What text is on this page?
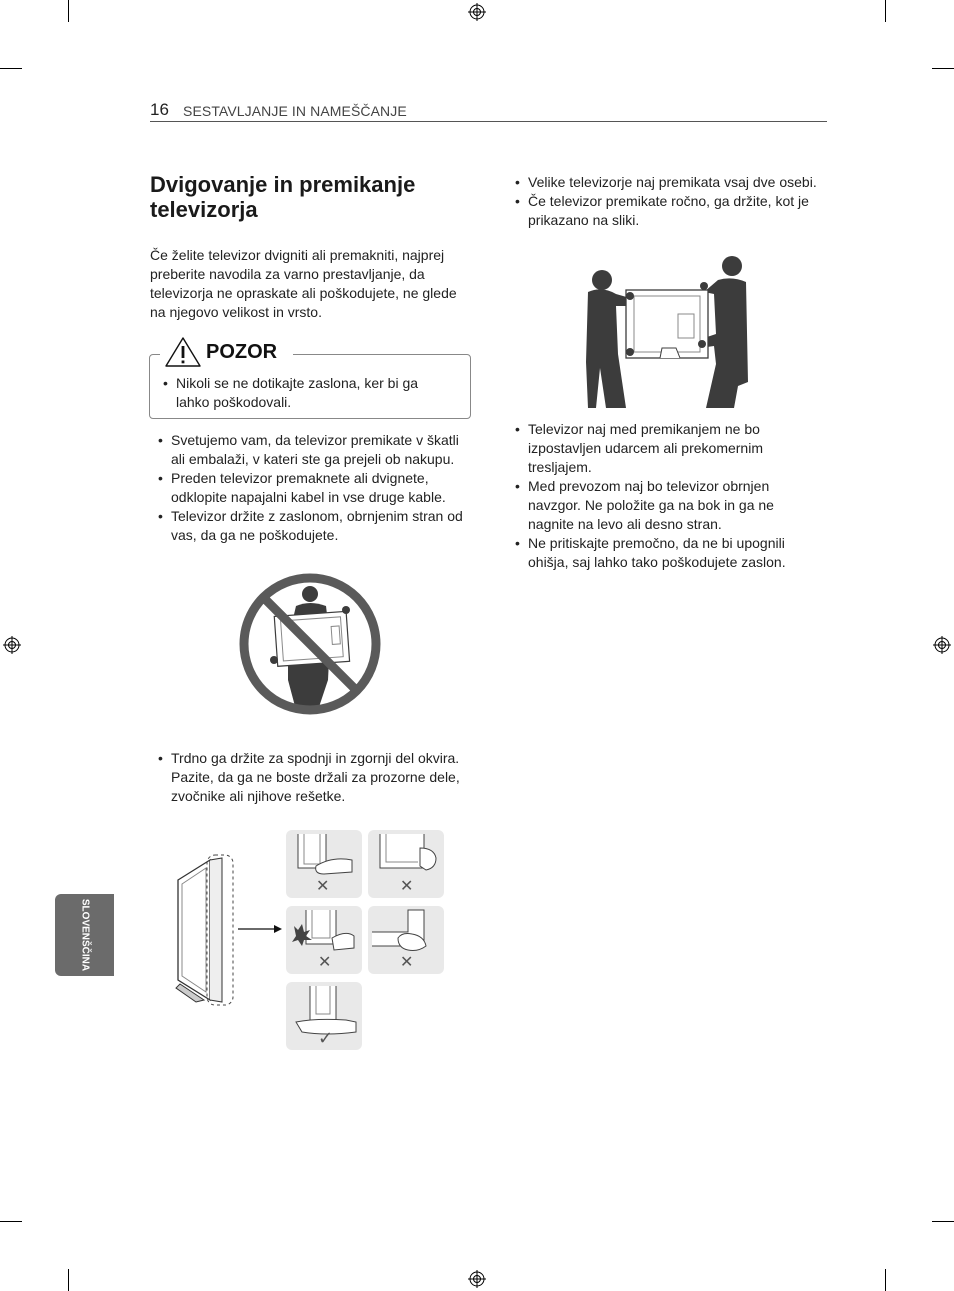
16 SESTAVLJANJE IN NAMEŠČANJE
Dvigovanje in premikanje televizorja
Če želite televizor dvigniti ali premakniti, najprej preberite navodila za varno prestavljanje, da televizorja ne opraskate ali poškodujete, ne glede na njegovo velikost in vrsto.
POZOR
• Nikoli se ne dotikajte zaslona, ker bi ga lahko poškodovali.
• Svetujemo vam, da televizor premikate v škatli ali embalaži, v kateri ste ga prejeli ob nakupu.
• Preden televizor premaknete ali dvignete, odklopite napajalni kabel in vse druge kable.
• Televizor držite z zaslonom, obrnjenim stran od vas, da ga ne poškodujete.
• Trdno ga držite za spodnji in zgornji del okvira. Pazite, da ga ne boste držali za prozorne dele, zvočnike ali njihove rešetke.
✕	✕
✕	✕
✓
• Velike televizorje naj premikata vsaj dve osebi.
• Če televizor premikate ročno, ga držite, kot je prikazano na sliki.
• Televizor naj med premikanjem ne bo izpostavljen udarcem ali prekomernim tresljajem.
• Med prevozom naj bo televizor obrnjen navzgor. Ne položite ga na bok in ga ne nagnite na levo ali desno stran.
• Ne pritiskajte premočno, da ne bi upognili ohišja, saj lahko tako poškodujete zaslon.
SLOVENŠČINA
